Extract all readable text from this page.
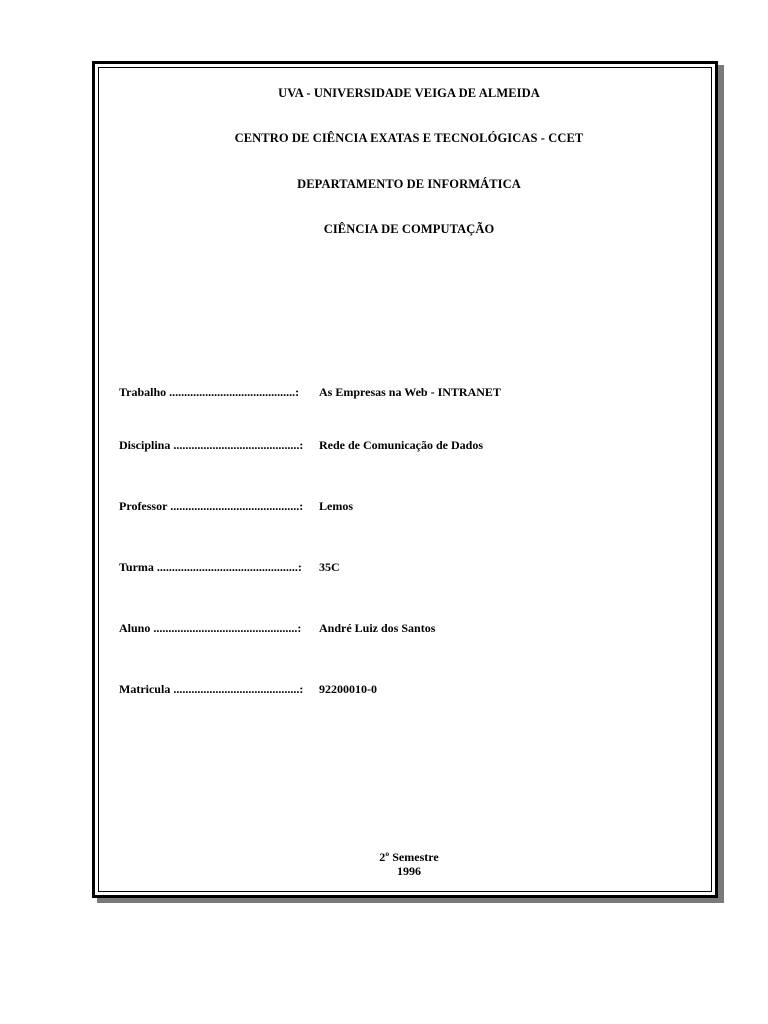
UVA - UNIVERSIDADE VEIGA DE ALMEIDA
CENTRO DE CIÊNCIA EXATAS E TECNOLÓGICAS - CCET
DEPARTAMENTO DE INFORMÁTICA
CIÊNCIA DE COMPUTAÇÃO
Trabalho ..........................................: As Empresas na Web - INTRANET
Disciplina ..........................................: Rede de Comunicação de Dados
Professor ...........................................: Lemos
Turma ...............................................: 35C
Aluno ................................................: André Luiz dos Santos
Matricula ..........................................: 92200010-0
2º Semestre
1996
